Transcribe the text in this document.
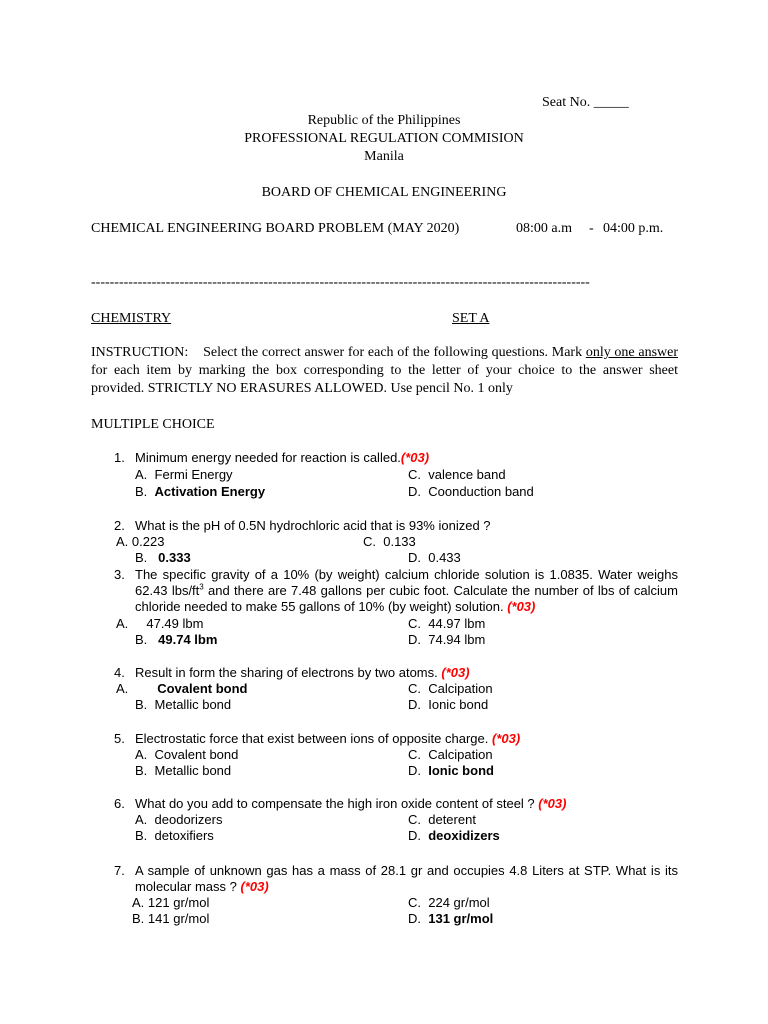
Seat No. _____
Republic of the Philippines
PROFESSIONAL REGULATION COMMISION
Manila
BOARD OF CHEMICAL ENGINEERING
CHEMICAL ENGINEERING BOARD PROBLEM (MAY 2020)	08:00 a.m - 04:00 p.m.
-----------------------------------------------------------------------------------------------------------
CHEMISTRY	SET A
INSTRUCTION: Select the correct answer for each of the following questions. Mark only one answer for each item by marking the box corresponding to the letter of your choice to the answer sheet provided. STRICTLY NO ERASURES ALLOWED. Use pencil No. 1 only
MULTIPLE CHOICE
1. Minimum energy needed for reaction is called.(*03)
A. Fermi Energy
B. Activation Energy
C. valence band
D. Coonduction band
2. What is the pH of 0.5N hydrochloric acid that is 93% ionized ?
A. 0.223
B. 0.333
C. 0.133
D. 0.433
3. The specific gravity of a 10% (by weight) calcium chloride solution is 1.0835. Water weighs 62.43 lbs/$ft^3$ and there are 7.48 gallons per cubic foot. Calculate the number of lbs of calcium chloride needed to make 55 gallons of 10% (by weight) solution. (*03)
A. 47.49 lbm
B. 49.74 lbm
C. 44.97 lbm
D. 74.94 lbm
4. Result in form the sharing of electrons by two atoms. (*03)
A. Covalent bond
B. Metallic bond
C. Calcipation
D. Ionic bond
5. Electrostatic force that exist between ions of opposite charge. (*03)
A. Covalent bond
B. Metallic bond
C. Calcipation
D. Ionic bond
6. What do you add to compensate the high iron oxide content of steel ? (*03)
A. deodorizers
B. detoxifiers
C. deterent
D. deoxidizers
7. A sample of unknown gas has a mass of 28.1 gr and occupies 4.8 Liters at STP. What is its molecular mass ? (*03)
A. 121 gr/mol
B. 141 gr/mol
C. 224 gr/mol
D. 131 gr/mol
